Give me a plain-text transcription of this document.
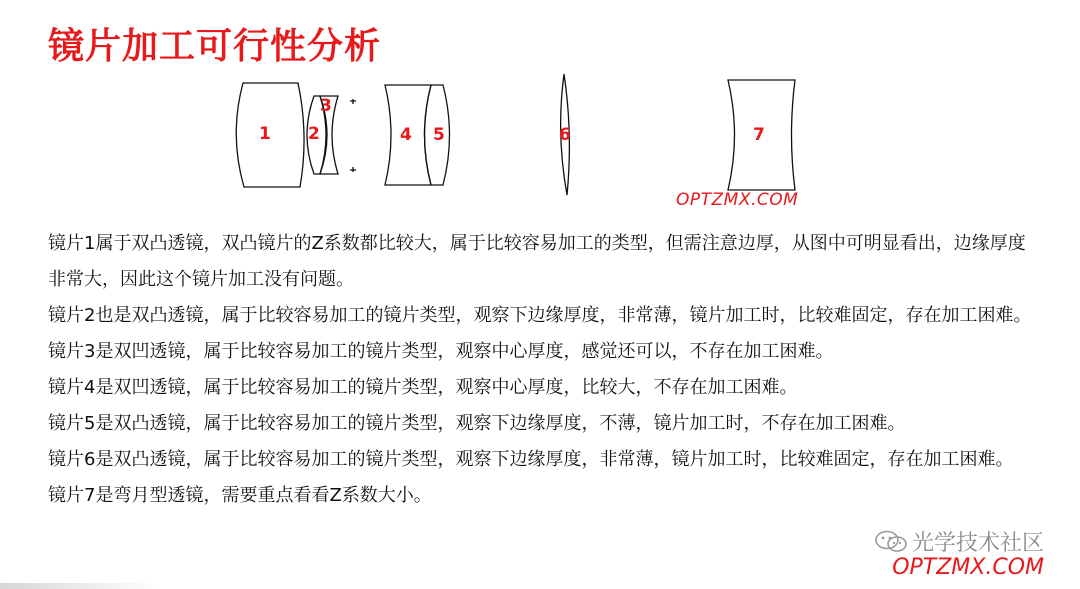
镜片加工可行性分析
1 2
3
4 5	6	7
OPTZMX.COM

镜片1属于双凸透镜，双凸镜片的Z系数都比较大，属于比较容易加工的类型，但需注意边厚，从图中可明显看出，边缘厚度非常大，因此这个镜片加工没有问题。

镜片2也是双凸透镜，属于比较容易加工的镜片类型，观察下边缘厚度，非常薄，镜片加工时，比较难固定，存在加工困难。

镜片3是双凹透镜，属于比较容易加工的镜片类型，观察中心厚度，感觉还可以，不存在加工困难。

镜片4是双凹透镜，属于比较容易加工的镜片类型，观察中心厚度，比较大，不存在加工困难。

镜片5是双凸透镜，属于比较容易加工的镜片类型，观察下边缘厚度，不薄，镜片加工时，不存在加工困难。

镜片6是双凸透镜，属于比较容易加工的镜片类型，观察下边缘厚度，非常薄，镜片加工时，比较难固定，存在加工困难。

镜片7是弯月型透镜，需要重点看看Z系数大小。

光学技术社区
OPTZMX.COM
